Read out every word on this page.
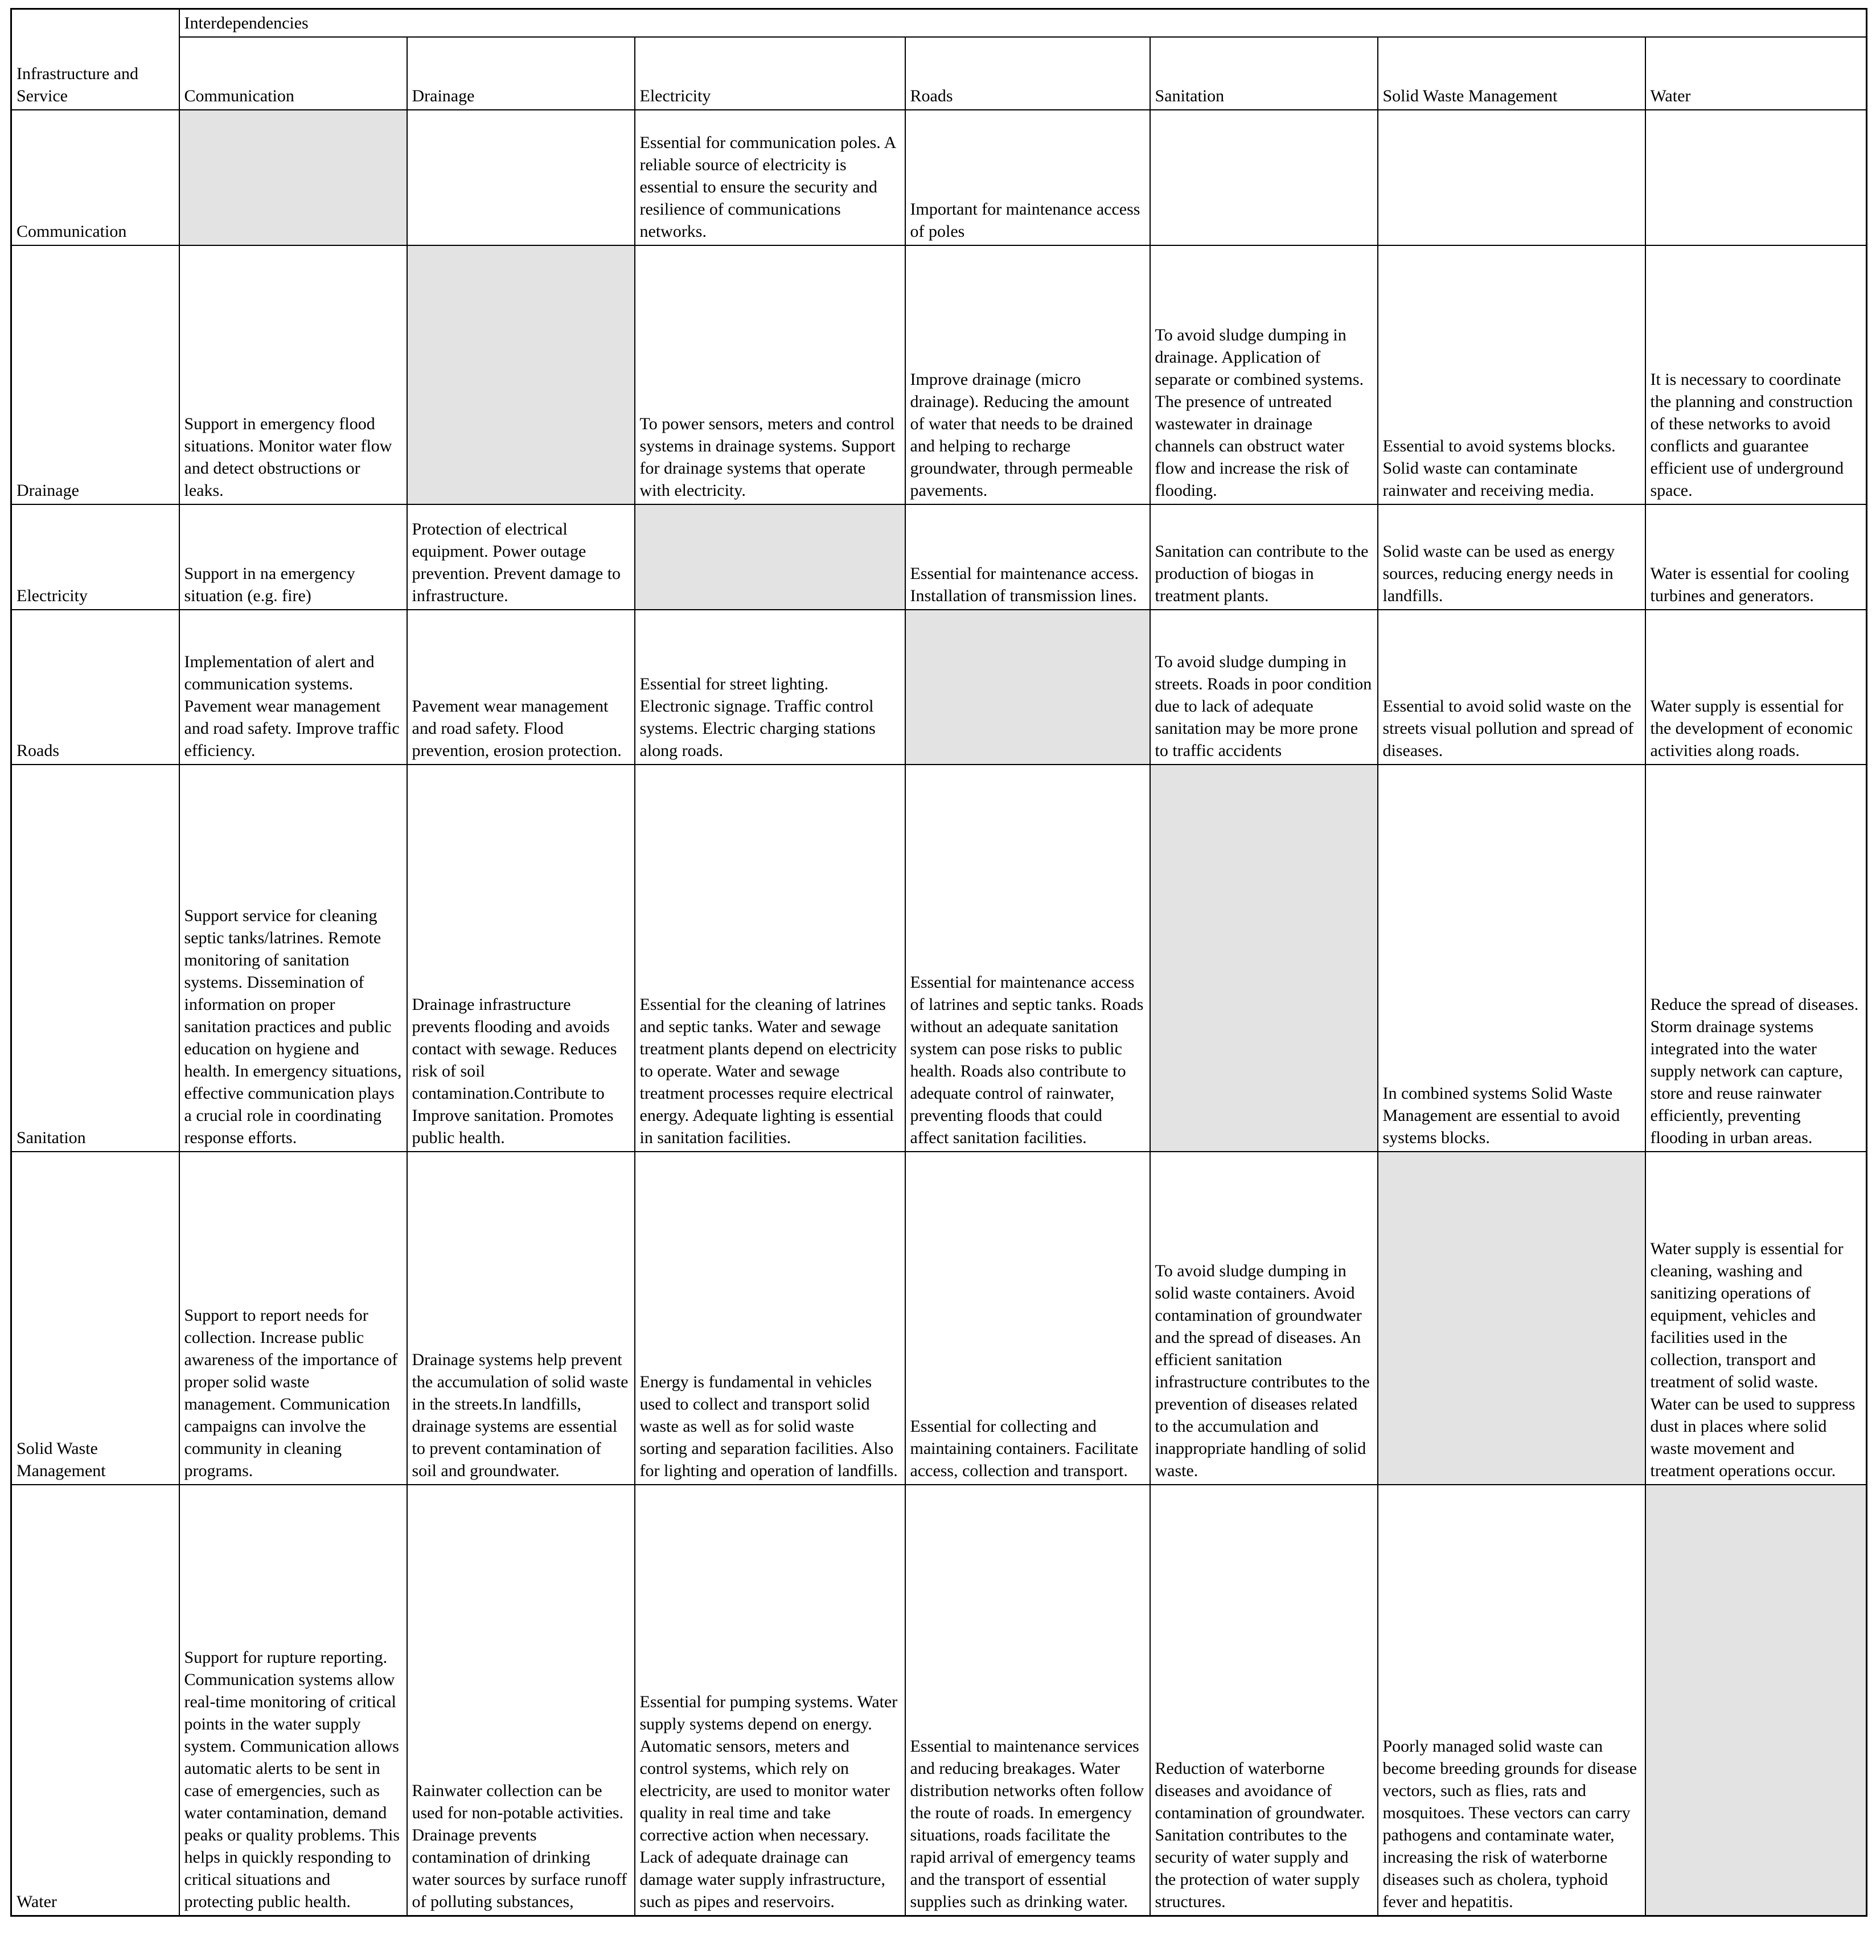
Infrastructure and Service	Interdependencies						
	Communication	Drainage	Electricity	Roads	Sanitation	Solid Waste Management	Water
Communication			Essential for communication poles. A reliable source of electricity is essential to ensure the security and resilience of communications networks.	Important for maintenance access of poles			
Drainage	Support in emergency flood situations. Monitor water flow and detect obstructions or leaks.		To power sensors, meters and control systems in drainage systems. Support for drainage systems that operate with electricity.	Improve drainage (micro drainage). Reducing the amount of water that needs to be drained and helping to recharge groundwater, through permeable pavements.	To avoid sludge dumping in drainage. Application of separate or combined systems. The presence of untreated wastewater in drainage channels can obstruct water flow and increase the risk of flooding.	Essential to avoid systems blocks. Solid waste can contaminate rainwater and receiving media.	It is necessary to coordinate the planning and construction of these networks to avoid conflicts and guarantee efficient use of underground space.
Electricity	Support in na emergency situation (e.g. fire)	Protection of electrical equipment. Power outage prevention. Prevent damage to infrastructure.		Essential for maintenance access. Installation of transmission lines.	Sanitation can contribute to the production of biogas in treatment plants.	Solid waste can be used as energy sources, reducing energy needs in landfills.	Water is essential for cooling turbines and generators.
Roads	Implementation of alert and communication systems. Pavement wear management and road safety. Improve traffic efficiency.	Pavement wear management and road safety. Flood prevention, erosion protection.	Essential for street lighting. Electronic signage. Traffic control systems. Electric charging stations along roads.		To avoid sludge dumping in streets. Roads in poor condition due to lack of adequate sanitation may be more prone to traffic accidents	Essential to avoid solid waste on the streets visual pollution and spread of diseases.	Water supply is essential for the development of economic activities along roads.
Sanitation	Support service for cleaning septic tanks/latrines. Remote monitoring of sanitation systems. Dissemination of information on proper sanitation practices and public education on hygiene and health. In emergency situations, effective communication plays a crucial role in coordinating response efforts.	Drainage infrastructure prevents flooding and avoids contact with sewage. Reduces risk of soil contamination.Contribute to Improve sanitation. Promotes public health.	Essential for the cleaning of latrines and septic tanks. Water and sewage treatment plants depend on electricity to operate. Water and sewage treatment processes require electrical energy. Adequate lighting is essential in sanitation facilities.	Essential for maintenance access of latrines and septic tanks. Roads without an adequate sanitation system can pose risks to public health. Roads also contribute to adequate control of rainwater, preventing floods that could affect sanitation facilities.		In combined systems Solid Waste Management are essential to avoid systems blocks.	Reduce the spread of diseases. Storm drainage systems integrated into the water supply network can capture, store and reuse rainwater efficiently, preventing flooding in urban areas.
Solid Waste Management	Support to report needs for collection. Increase public awareness of the importance of proper solid waste management. Communication campaigns can involve the community in cleaning programs.	Drainage systems help prevent the accumulation of solid waste in the streets.In landfills, drainage systems are essential to prevent contamination of soil and groundwater.	Energy is fundamental in vehicles used to collect and transport solid waste as well as for solid waste sorting and separation facilities. Also for lighting and operation of landfills.	Essential for collecting and maintaining containers. Facilitate access, collection and transport.	To avoid sludge dumping in solid waste containers. Avoid contamination of groundwater and the spread of diseases. An efficient sanitation infrastructure contributes to the prevention of diseases related to the accumulation and inappropriate handling of solid waste.		Water supply is essential for cleaning, washing and sanitizing operations of equipment, vehicles and facilities used in the collection, transport and treatment of solid waste. Water can be used to suppress dust in places where solid waste movement and treatment operations occur.
Water	Support for rupture reporting. Communication systems allow real-time monitoring of critical points in the water supply system. Communication allows automatic alerts to be sent in case of emergencies, such as water contamination, demand peaks or quality problems. This helps in quickly responding to critical situations and protecting public health.	Rainwater collection can be used for non-potable activities. Drainage prevents contamination of drinking water sources by surface runoff of polluting substances,	Essential for pumping systems. Water supply systems depend on energy. Automatic sensors, meters and control systems, which rely on electricity, are used to monitor water quality in real time and take corrective action when necessary. Lack of adequate drainage can damage water supply infrastructure, such as pipes and reservoirs.	Essential to maintenance services and reducing breakages. Water distribution networks often follow the route of roads. In emergency situations, roads facilitate the rapid arrival of emergency teams and the transport of essential supplies such as drinking water.	Reduction of waterborne diseases and avoidance of contamination of groundwater. Sanitation contributes to the security of water supply and the protection of water supply structures.	Poorly managed solid waste can become breeding grounds for disease vectors, such as flies, rats and mosquitoes. These vectors can carry pathogens and contaminate water, increasing the risk of waterborne diseases such as cholera, typhoid fever and hepatitis.	
